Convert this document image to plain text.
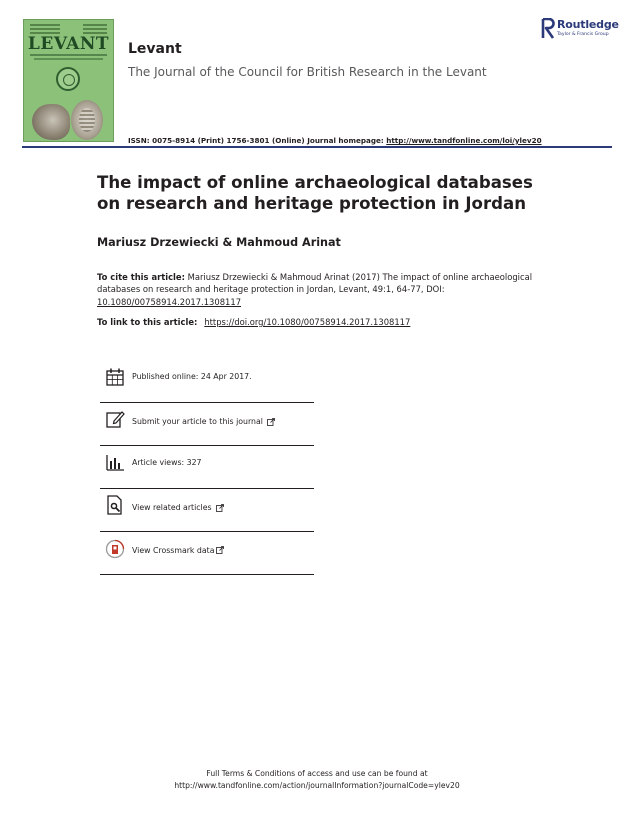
LEVANT Levant
The Journal of the Council for British Research in the Levant
ISSN: 0075-8914 (Print) 1756-3801 (Online) Journal homepage: http://www.tandfonline.com/loi/ylev20
Routledge
Taylor & Francis Group
The impact of online archaeological databases on research and heritage protection in Jordan
Mariusz Drzewiecki & Mahmoud Arinat
To cite this article: Mariusz Drzewiecki & Mahmoud Arinat (2017) The impact of online archaeological databases on research and heritage protection in Jordan, Levant, 49:1, 64-77, DOI: 10.1080/00758914.2017.1308117
To link to this article: https://doi.org/10.1080/00758914.2017.1308117
Published online: 24 Apr 2017.
Submit your article to this journal
Article views: 327
View related articles
View Crossmark data
Full Terms & Conditions of access and use can be found at
http://www.tandfonline.com/action/journalInformation?journalCode=ylev20
